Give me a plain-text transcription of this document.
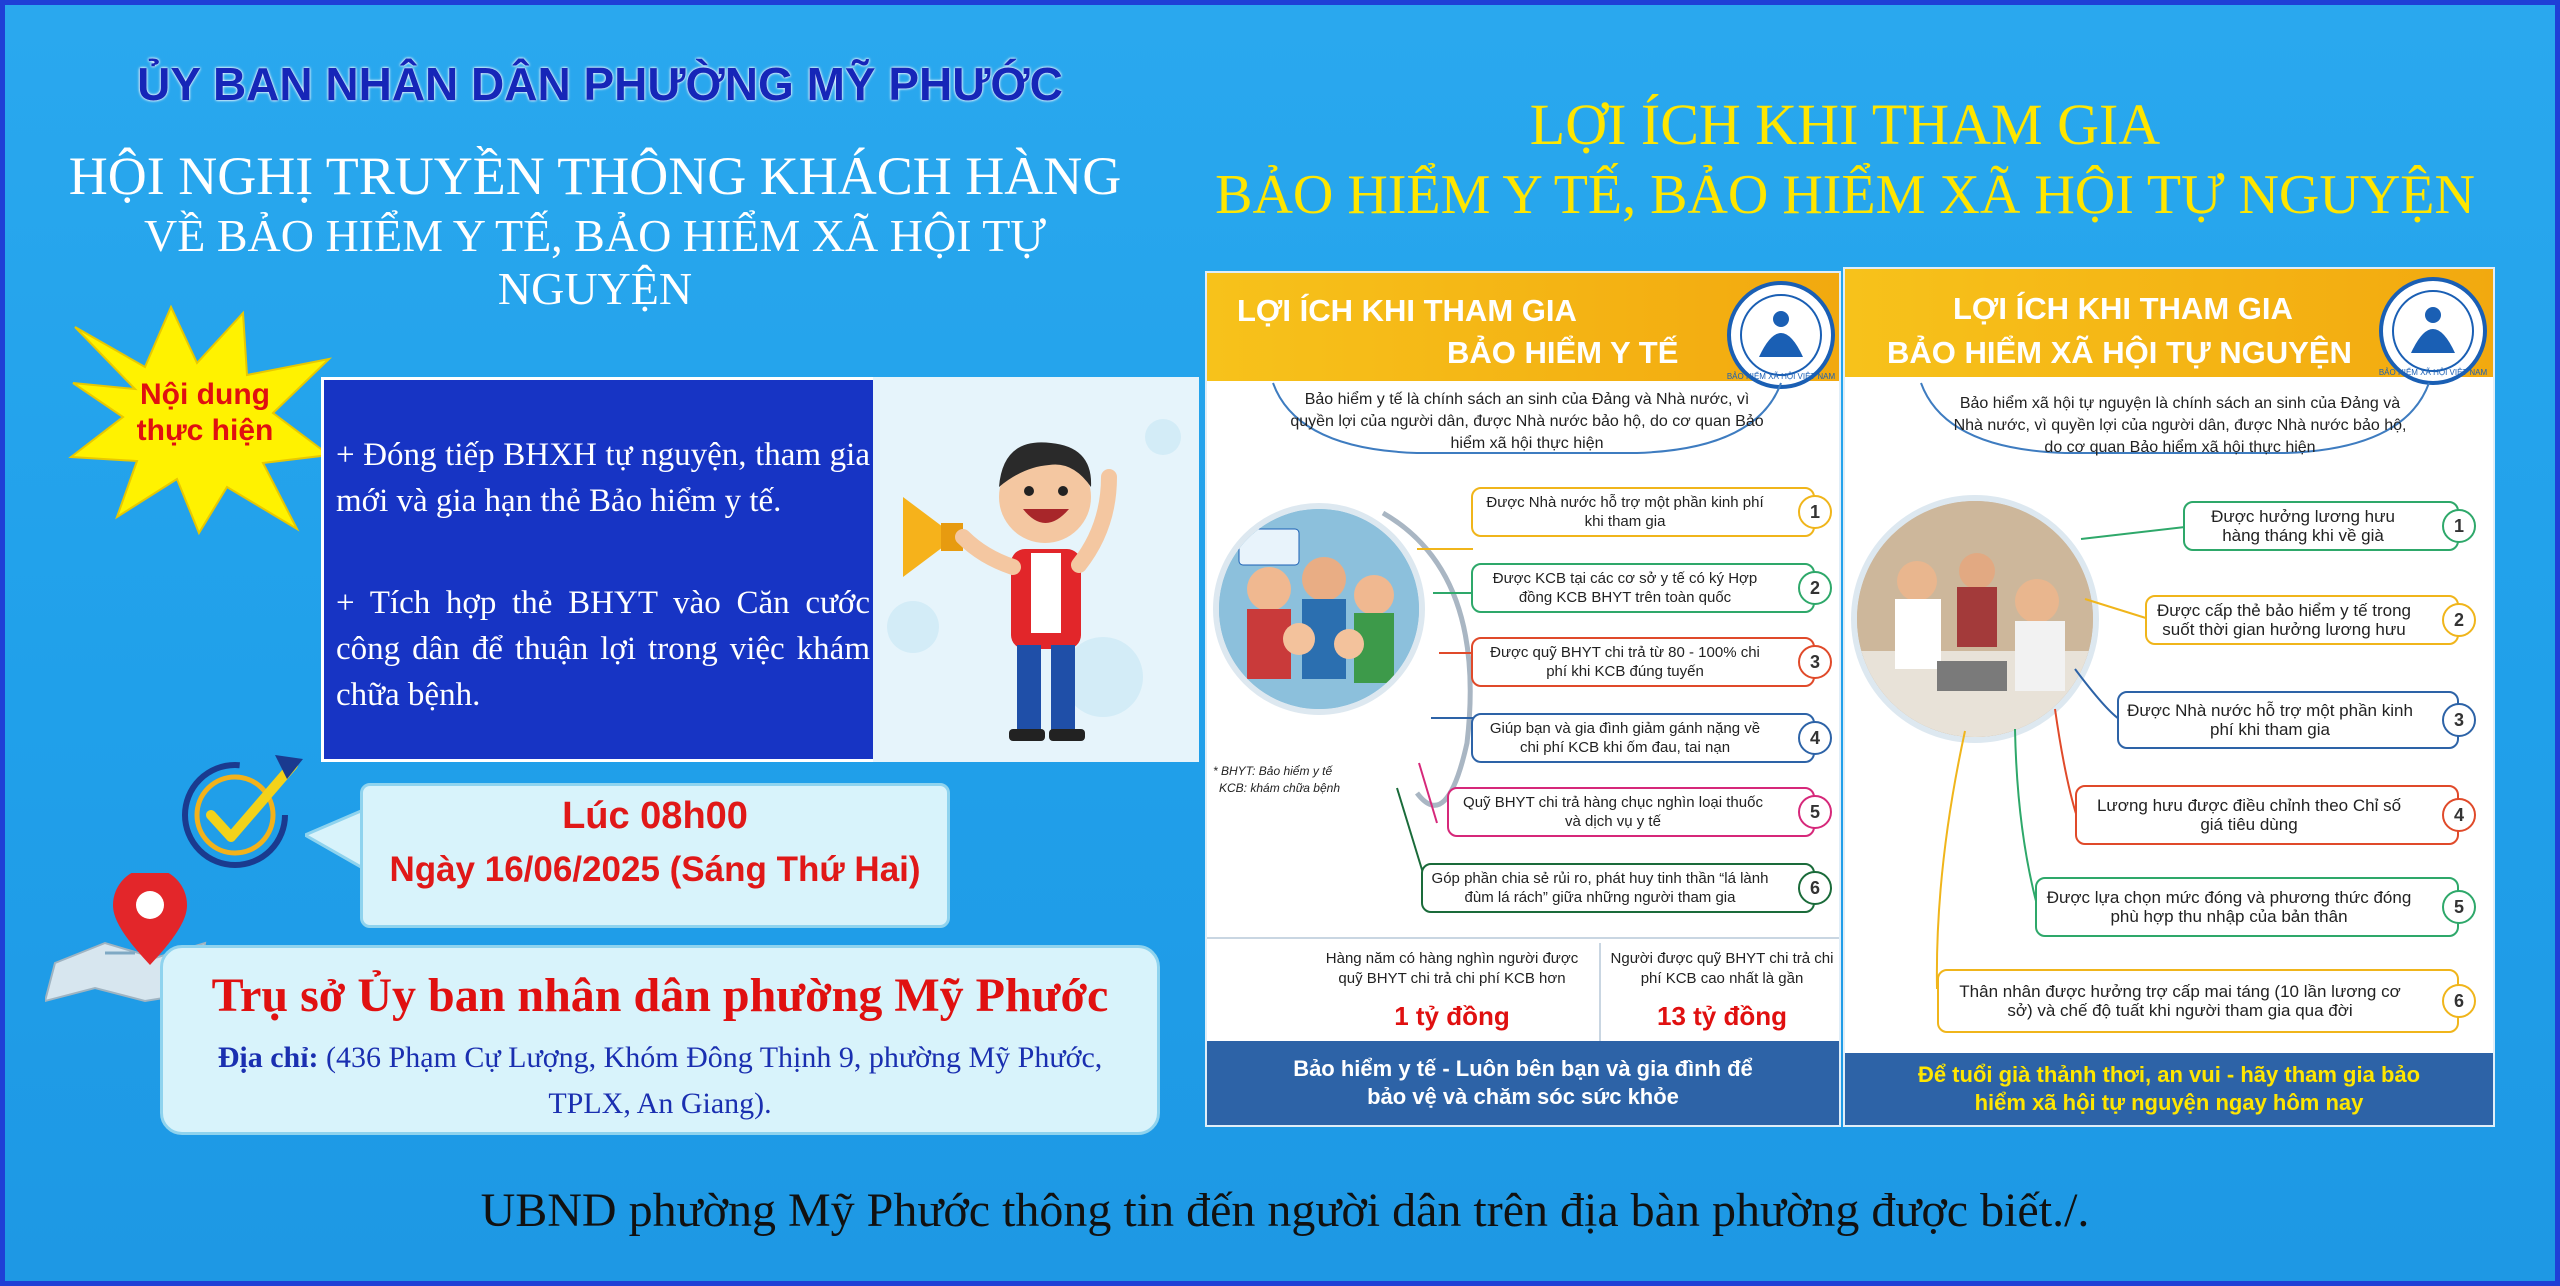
ỦY BAN NHÂN DÂN PHƯỜNG MỸ PHƯỚC
HỘI NGHỊ TRUYỀN THÔNG KHÁCH HÀNG
VỀ BẢO HIỂM Y TẾ, BẢO HIỂM XÃ HỘI TỰ NGUYỆN
Nội dung
thực hiện
+ Đóng tiếp BHXH tự nguyện, tham gia mới và gia hạn thẻ Bảo hiểm y tế.
+ Tích hợp thẻ BHYT vào Căn cước công dân để thuận lợi trong việc khám chữa bệnh.
Lúc 08h00
Ngày 16/06/2025 (Sáng Thứ Hai)
Trụ sở Ủy ban nhân dân phường Mỹ Phước
Địa chỉ: (436 Phạm Cự Lượng, Khóm Đông Thịnh 9, phường Mỹ Phước, TPLX, An Giang).
LỢI ÍCH KHI THAM GIA
BẢO HIỂM Y TẾ, BẢO HIỂM XÃ HỘI TỰ NGUYỆN
LỢI ÍCH KHI THAM GIA
BẢO HIỂM Y TẾ
BẢO HIỂM XÃ HỘI VIỆT NAM
Bảo hiểm y tế là chính sách an sinh của Đảng và Nhà nước, vì quyền lợi của người dân, được Nhà nước bảo hộ, do cơ quan Bảo hiểm xã hội thực hiện
Được Nhà nước hỗ trợ một phần kinh phí khi tham gia	1
Được KCB tại các cơ sở y tế có ký Hợp đồng KCB BHYT trên toàn quốc	2
Được quỹ BHYT chi trả từ 80 - 100% chi phí khi KCB đúng tuyến	3
Giúp bạn và gia đình giảm gánh nặng về chi phí KCB khi ốm đau, tai nạn	4
Quỹ BHYT chi trả hàng chục nghìn loại thuốc và dịch vụ y tế	5
Góp phần chia sẻ rủi ro, phát huy tinh thần “lá lành đùm lá rách” giữa những người tham gia	6
* BHYT: Bảo hiểm y tế
KCB: khám chữa bệnh
Hàng năm có hàng nghìn người được quỹ BHYT chi trả chi phí KCB hơn
1 tỷ đồng
Người được quỹ BHYT chi trả chi phí KCB cao nhất là gần
13 tỷ đồng
Bảo hiểm y tế - Luôn bên bạn và gia đình để bảo vệ và chăm sóc sức khỏe
LỢI ÍCH KHI THAM GIA
BẢO HIỂM XÃ HỘI TỰ NGUYỆN
BẢO HIỂM XÃ HỘI VIỆT NAM
Bảo hiểm xã hội tự nguyện là chính sách an sinh của Đảng và Nhà nước, vì quyền lợi của người dân, được Nhà nước bảo hộ, do cơ quan Bảo hiểm xã hội thực hiện
Được hưởng lương hưu hàng tháng khi về già	1
Được cấp thẻ bảo hiểm y tế trong suốt thời gian hưởng lương hưu	2
Được Nhà nước hỗ trợ một phần kinh phí khi tham gia	3
Lương hưu được điều chỉnh theo Chỉ số giá tiêu dùng	4
Được lựa chọn mức đóng và phương thức đóng phù hợp thu nhập của bản thân	5
Thân nhân được hưởng trợ cấp mai táng (10 lần lương cơ sở) và chế độ tuất khi người tham gia qua đời	6
Để tuổi già thảnh thơi, an vui - hãy tham gia bảo hiểm xã hội tự nguyện ngay hôm nay
UBND phường Mỹ Phước thông tin đến người dân trên địa bàn phường được biết./.
